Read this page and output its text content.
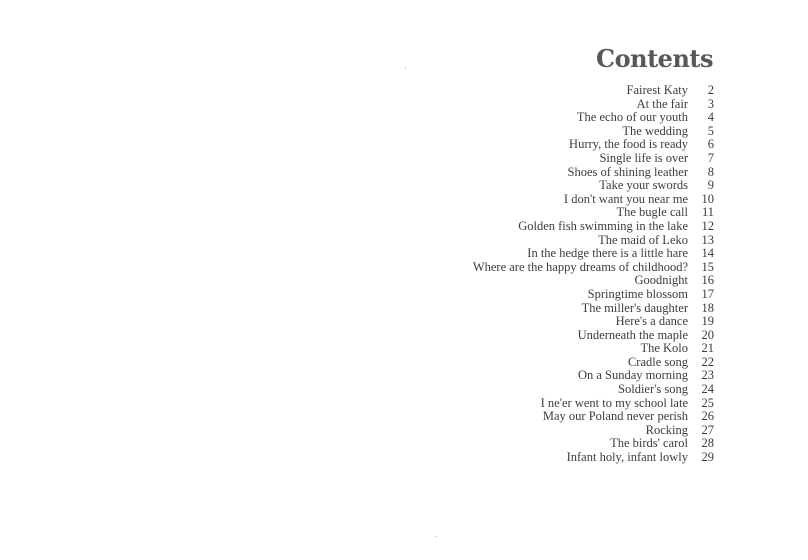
Contents
Fairest Katy	2
At the fair	3
The echo of our youth	4
The wedding	5
Hurry, the food is ready	6
Single life is over	7
Shoes of shining leather	8
Take your swords	9
I don't want you near me	10
The bugle call	11
Golden fish swimming in the lake	12
The maid of Leko	13
In the hedge there is a little hare	14
Where are the happy dreams of childhood?	15
Goodnight	16
Springtime blossom	17
The miller's daughter	18
Here's a dance	19
Underneath the maple	20
The Kolo	21
Cradle song	22
On a Sunday morning	23
Soldier's song	24
I ne'er went to my school late	25
May our Poland never perish	26
Rocking	27
The birds' carol	28
Infant holy, infant lowly	29
